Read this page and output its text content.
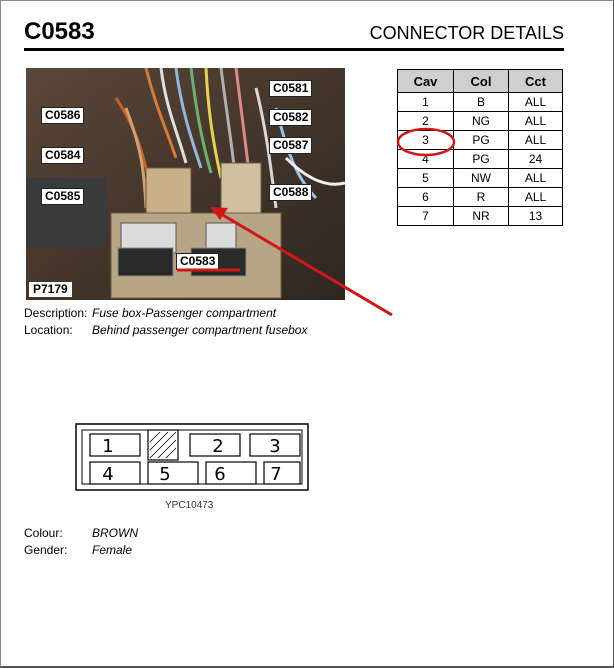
C0583	CONNECTOR DETAILS
C0586
C0581
C0582
C0584
C0587
C0585	C0588
C0583
P7179
Cav	Col	Cct
1	B	ALL
2	NG	ALL
3	PG	ALL
4	PG	24
5	NW	ALL
6	R	ALL
7	NR	13
Description: Fuse box-Passenger compartment
Location: Behind passenger compartment fusebox
1	2	3
4	5 6 7
YPC10473
Colour: BROWN
Gender: Female
